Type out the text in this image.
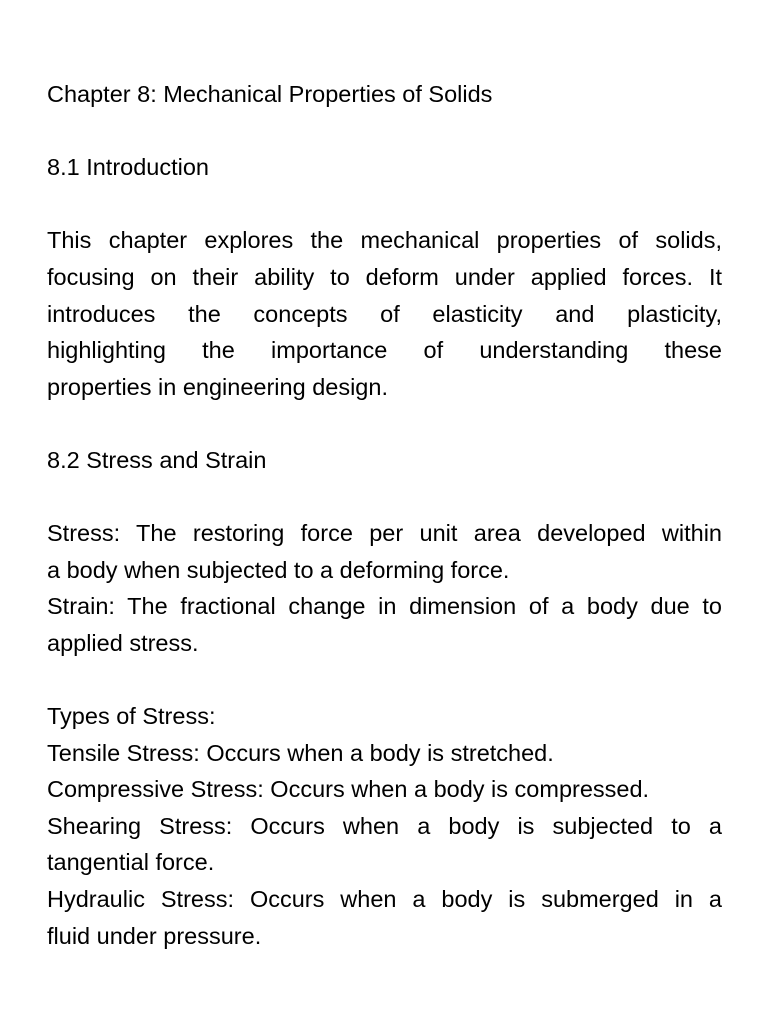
Chapter 8: Mechanical Properties of Solids
8.1 Introduction
This chapter explores the mechanical properties of solids,
focusing on their ability to deform under applied forces. It
introduces the concepts of elasticity and plasticity,
highlighting the importance of understanding these
properties in engineering design.
8.2 Stress and Strain
Stress: The restoring force per unit area developed within
a body when subjected to a deforming force.
Strain: The fractional change in dimension of a body due to
applied stress.
Types of Stress:
Tensile Stress: Occurs when a body is stretched.
Compressive Stress: Occurs when a body is compressed.
Shearing Stress: Occurs when a body is subjected to a
tangential force.
Hydraulic Stress: Occurs when a body is submerged in a
fluid under pressure.
